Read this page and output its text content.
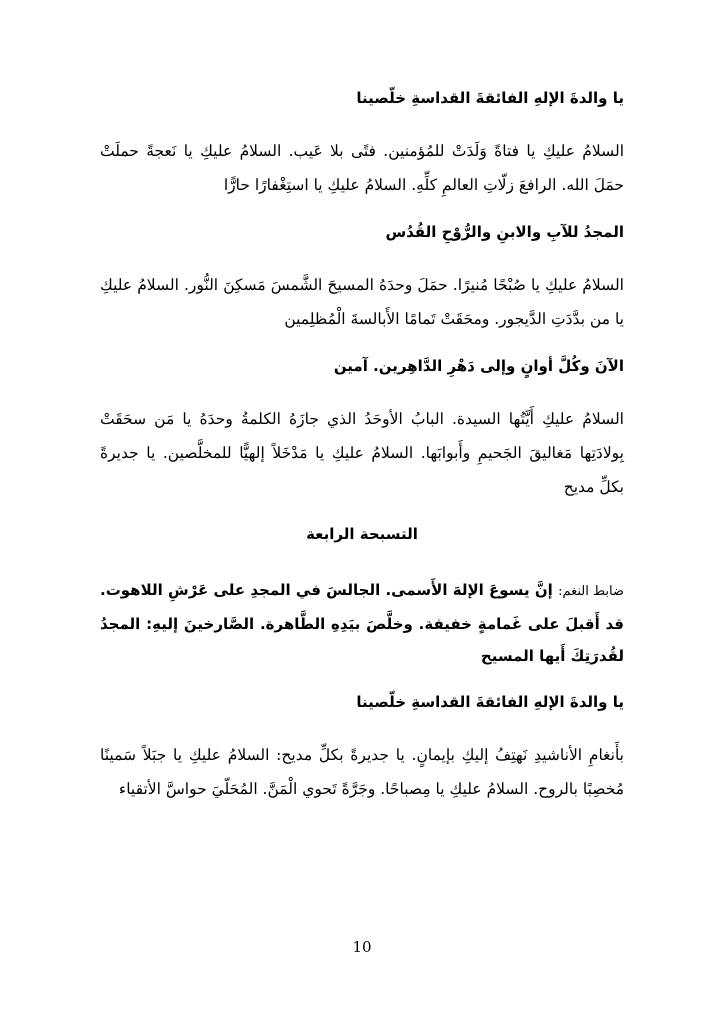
يا والدةَ الإلهِ الفائقةَ القداسةِ خلّصينا
السلامُ عليكِ يا فتاةً وَلَدَتْ للمُؤمنين. فتًى بلا عَيب. السلامُ عليكِ يا نَعجةً حملَتْ حمَلَ الله. الرافعَ زلّاتِ العالمِ كلِّهِ. السلامُ عليكِ يا استِغْفارًا حارًّا
المجدُ للآبِ والابنِ والرُّوْحِ القُدُس
السلامُ عليكِ يا صُبْحًا مُنيرًا. حمَلَ وحدَهُ المسيحَ الشَّمسَ مَسكِنَ النُّور. السلامُ عليكِ يا من بدَّدَتِ الدَّيجور. ومحَقَتْ تَمامًا الأَبالسةَ الْمُظلِمين
الآنَ وكُلَّ أوانٍ وإلى دَهْرِ الدَّاهِرين. آمين
السلامُ عليكِ أَيَّتُها السيدة. البابُ الأوحَدُ الذي جازَهُ الكلمةُ وحدَهُ يا مَن سحَقَتْ بِولادَتِها مَغاليقَ الجَحيمِ وأَبوابَها. السلامُ عليكِ يا مَدْخَلاً إلهيًّا للمخلَّصين. يا جديرةً بكلِّ مديح
التسبحة الرابعة
ضابط النغم: إنَّ يسوعَ الإلهَ الأَسمى. الجالسَ في المجدِ على عَرْشِ اللاهوت. قد أَقبلَ على غَمامةٍ خفيفة. وخلَّصَ بيَدِهِ الطَّاهرة. الصَّارخينَ إليهِ: المجدُ لقُدرَتِكَ أَيها المسيح
يا والدةَ الإلهِ الفائقةَ القداسةِ خلّصينا
بأَنغامِ الأناشيدِ نَهتِفُ إليكِ بإيمانٍ. يا جديرةً بكلِّ مديح: السلامُ عليكِ يا جبَلاً سَمينًا مُخصِبًا بالروح. السلامُ عليكِ يا مِصباحًا. وجَرَّةً تَحوي الْمَنَّ. المُحَلّيَ حواسَّ الأتقياء
10
